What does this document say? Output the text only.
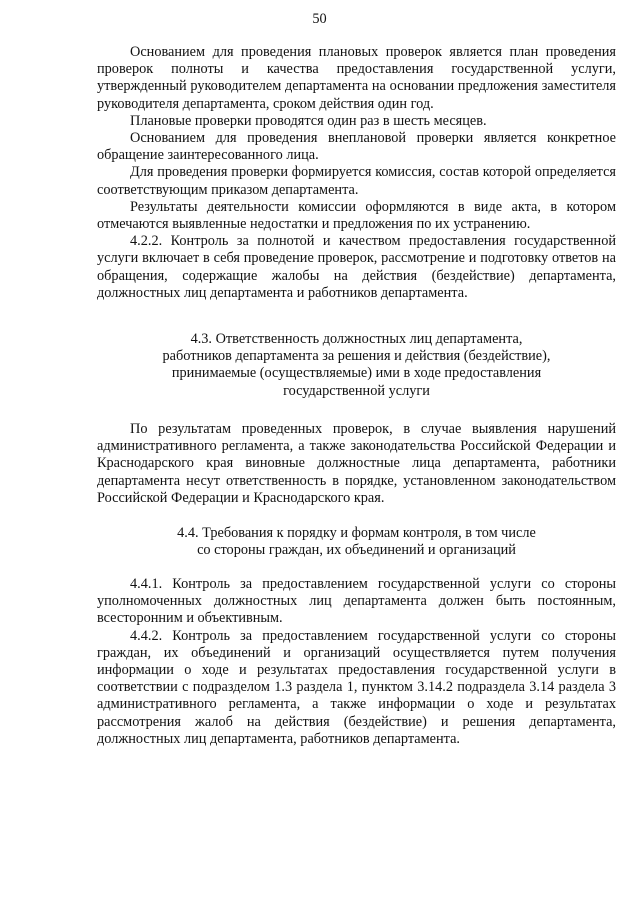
50

Основанием для проведения плановых проверок является план проведения проверок полноты и качества предоставления государственной услуги, утвержденный руководителем департамента на основании предложения заместителя руководителя департамента, сроком действия один год.

Плановые проверки проводятся один раз в шесть месяцев.

Основанием для проведения внеплановой проверки является конкретное обращение заинтересованного лица.

Для проведения проверки формируется комиссия, состав которой определяется соответствующим приказом департамента.

Результаты деятельности комиссии оформляются в виде акта, в котором отмечаются выявленные недостатки и предложения по их устранению.

4.2.2. Контроль за полнотой и качеством предоставления государственной услуги включает в себя проведение проверок, рассмотрение и подготовку ответов на обращения, содержащие жалобы на действия (бездействие) департамента, должностных лиц департамента и работников департамента.

4.3. Ответственность должностных лиц департамента,
работников департамента за решения и действия (бездействие),
принимаемые (осуществляемые) ими в ходе предоставления
государственной услуги

По результатам проведенных проверок, в случае выявления нарушений административного регламента, а также законодательства Российской Федерации и Краснодарского края виновные должностные лица департамента, работники департамента несут ответственность в порядке, установленном законодательством Российской Федерации и Краснодарского края.

4.4. Требования к порядку и формам контроля, в том числе
со стороны граждан, их объединений и организаций

4.4.1. Контроль за предоставлением государственной услуги со стороны уполномоченных должностных лиц департамента должен быть постоянным, всесторонним и объективным.

4.4.2. Контроль за предоставлением государственной услуги со стороны граждан, их объединений и организаций осуществляется путем получения информации о ходе и результатах предоставления государственной услуги в соответствии с подразделом 1.3 раздела 1, пунктом 3.14.2 подраздела 3.14 раздела 3 административного регламента, а также информации о ходе и результатах рассмотрения жалоб на действия (бездействие) и решения департамента, должностных лиц департамента, работников департамента.
